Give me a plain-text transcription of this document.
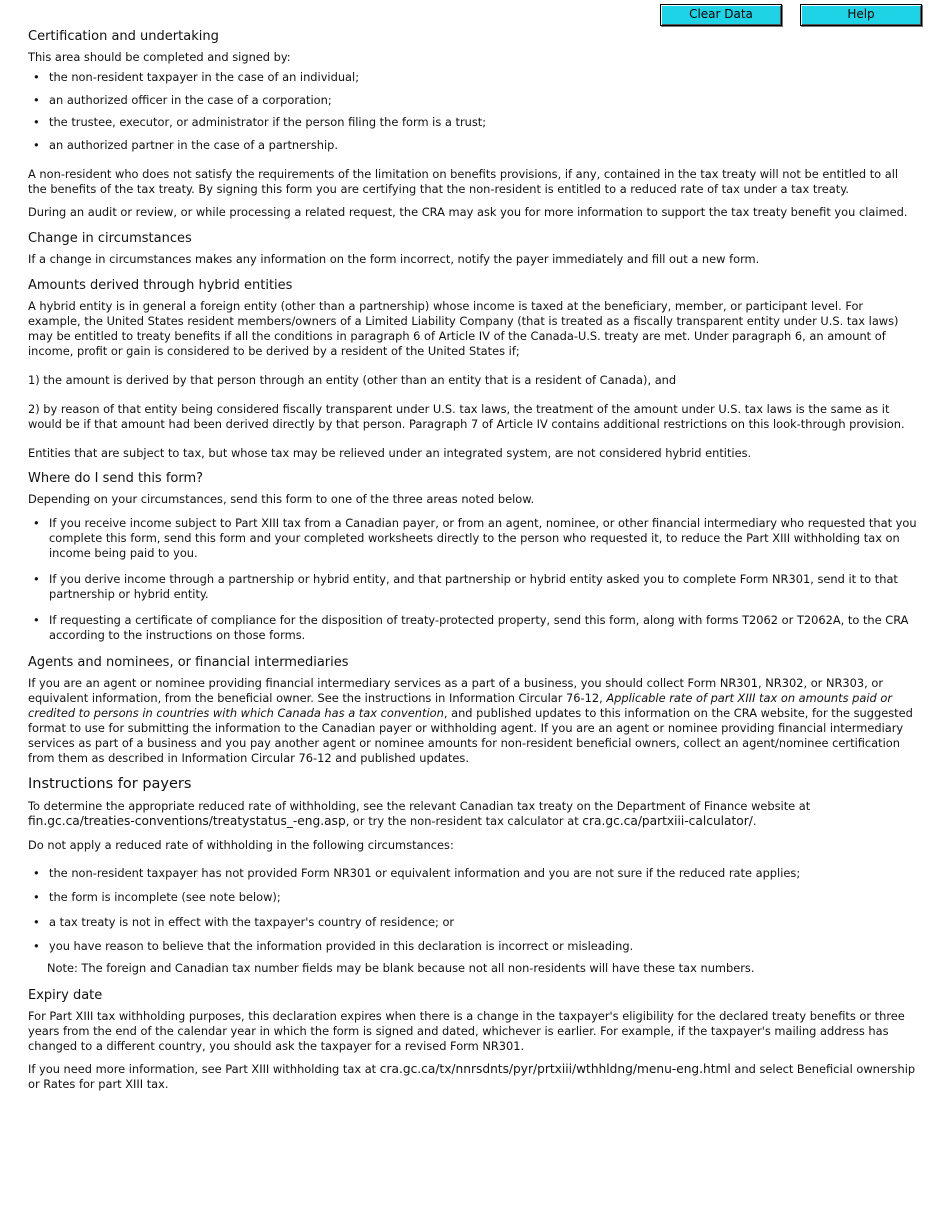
Clear Data	Help
Certification and undertaking

This area should be completed and signed by:

• the non-resident taxpayer in the case of an individual;
• an authorized officer in the case of a corporation;
• the trustee, executor, or administrator if the person filing the form is a trust;
• an authorized partner in the case of a partnership.

A non-resident who does not satisfy the requirements of the limitation on benefits provisions, if any, contained in the tax treaty will not be entitled to all the benefits of the tax treaty. By signing this form you are certifying that the non-resident is entitled to a reduced rate of tax under a tax treaty.

During an audit or review, or while processing a related request, the CRA may ask you for more information to support the tax treaty benefit you claimed.

Change in circumstances

If a change in circumstances makes any information on the form incorrect, notify the payer immediately and fill out a new form.

Amounts derived through hybrid entities

A hybrid entity is in general a foreign entity (other than a partnership) whose income is taxed at the beneficiary, member, or participant level. For example, the United States resident members/owners of a Limited Liability Company (that is treated as a fiscally transparent entity under U.S. tax laws) may be entitled to treaty benefits if all the conditions in paragraph 6 of Article IV of the Canada-U.S. treaty are met. Under paragraph 6, an amount of income, profit or gain is considered to be derived by a resident of the United States if;

1) the amount is derived by that person through an entity (other than an entity that is a resident of Canada), and

2) by reason of that entity being considered fiscally transparent under U.S. tax laws, the treatment of the amount under U.S. tax laws is the same as it would be if that amount had been derived directly by that person. Paragraph 7 of Article IV contains additional restrictions on this look-through provision.

Entities that are subject to tax, but whose tax may be relieved under an integrated system, are not considered hybrid entities.

Where do I send this form?

Depending on your circumstances, send this form to one of the three areas noted below.

• If you receive income subject to Part XIII tax from a Canadian payer, or from an agent, nominee, or other financial intermediary who requested that you complete this form, send this form and your completed worksheets directly to the person who requested it, to reduce the Part XIII withholding tax on income being paid to you.
• If you derive income through a partnership or hybrid entity, and that partnership or hybrid entity asked you to complete Form NR301, send it to that partnership or hybrid entity.
• If requesting a certificate of compliance for the disposition of treaty-protected property, send this form, along with forms T2062 or T2062A, to the CRA according to the instructions on those forms.
Agents and nominees, or financial intermediaries

If you are an agent or nominee providing financial intermediary services as a part of a business, you should collect Form NR301, NR302, or NR303, or equivalent information, from the beneficial owner. See the instructions in Information Circular 76-12, Applicable rate of part XIII tax on amounts paid or credited to persons in countries with which Canada has a tax convention, and published updates to this information on the CRA website, for the suggested format to use for submitting the information to the Canadian payer or withholding agent. If you are an agent or nominee providing financial intermediary services as part of a business and you pay another agent or nominee amounts for non-resident beneficial owners, collect an agent/nominee certification from them as described in Information Circular 76-12 and published updates.

Instructions for payers

To determine the appropriate reduced rate of withholding, see the relevant Canadian tax treaty on the Department of Finance website at
fin.gc.ca/treaties-conventions/treatystatus_-eng.asp, or try the non-resident tax calculator at cra.gc.ca/partxiii-calculator/.

Do not apply a reduced rate of withholding in the following circumstances:

• the non-resident taxpayer has not provided Form NR301 or equivalent information and you are not sure if the reduced rate applies;
• the form is incomplete (see note below);
• a tax treaty is not in effect with the taxpayer's country of residence; or
• you have reason to believe that the information provided in this declaration is incorrect or misleading.

Note: The foreign and Canadian tax number fields may be blank because not all non-residents will have these tax numbers.

Expiry date

For Part XIII tax withholding purposes, this declaration expires when there is a change in the taxpayer's eligibility for the declared treaty benefits or three years from the end of the calendar year in which the form is signed and dated, whichever is earlier. For example, if the taxpayer's mailing address has changed to a different country, you should ask the taxpayer for a revised Form NR301.

If you need more information, see Part XIII withholding tax at cra.gc.ca/tx/nnrsdnts/pyr/prtxiii/wthhldng/menu-eng.html and select Beneficial ownership or Rates for part XIII tax.
